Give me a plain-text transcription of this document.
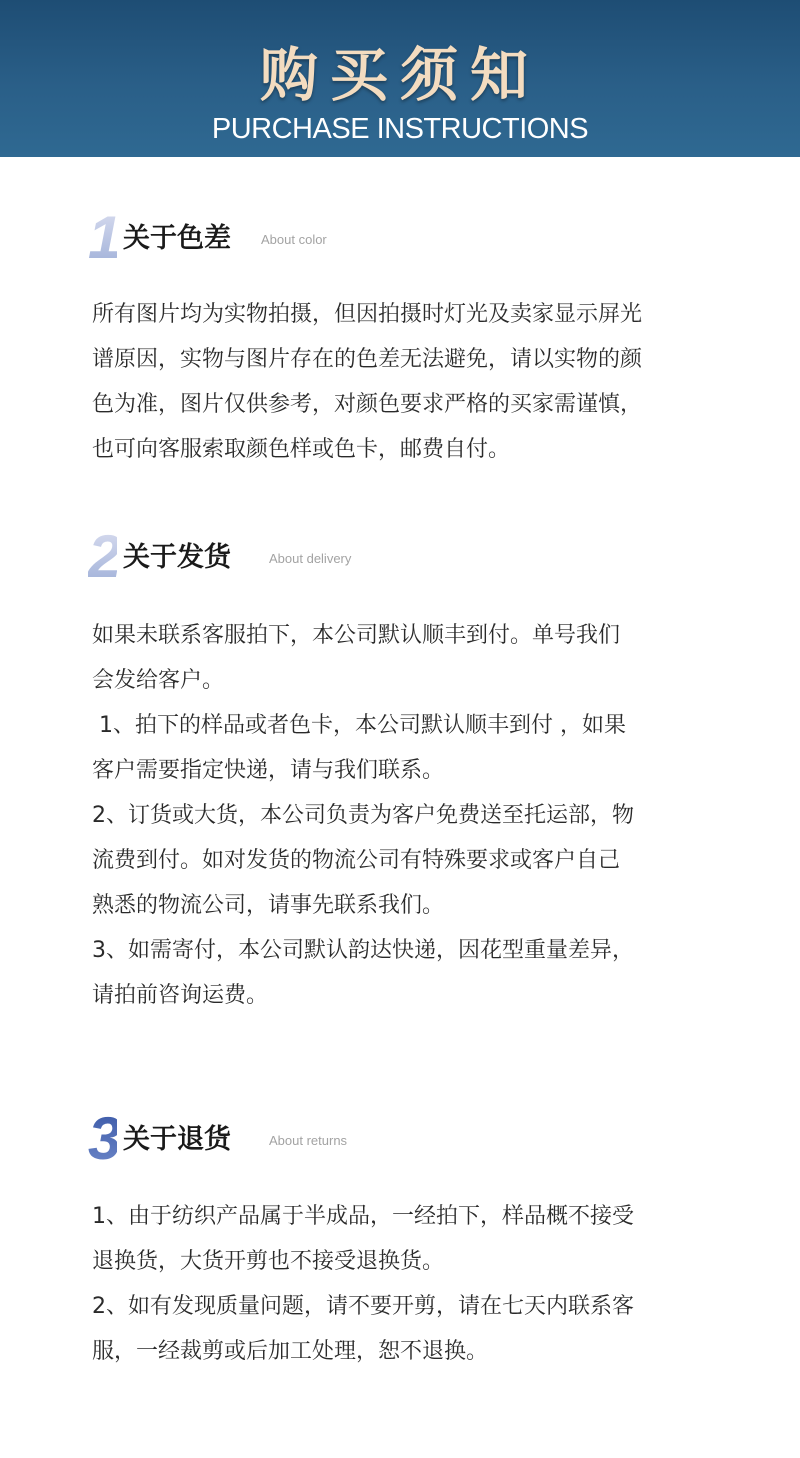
购买须知
PURCHASE INSTRUCTIONS
1 关于色差 About color

所有图片均为实物拍摄，但因拍摄时灯光及卖家显示屏光

谱原因，实物与图片存在的色差无法避免，请以实物的颜

色为准，图片仅供参考，对颜色要求严格的买家需谨慎，

也可向客服索取颜色样或色卡，邮费自付。

2 关于发货	About delivery

如果未联系客服拍下，本公司默认顺丰到付。单号我们

会发给客户。

1、拍下的样品或者色卡，本公司默认顺丰到付 ，如果

客户需要指定快递，请与我们联系。

2、订货或大货，本公司负责为客户免费送至托运部，物

流费到付。如对发货的物流公司有特殊要求或客户自己

熟悉的物流公司，请事先联系我们。

3、如需寄付，本公司默认韵达快递，因花型重量差异，

请拍前咨询运费。

3 关于退货	About returns

1、由于纺织产品属于半成品，一经拍下，样品概不接受

退换货，大货开剪也不接受退换货。

2、如有发现质量问题，请不要开剪，请在七天内联系客

服，一经裁剪或后加工处理，恕不退换。
